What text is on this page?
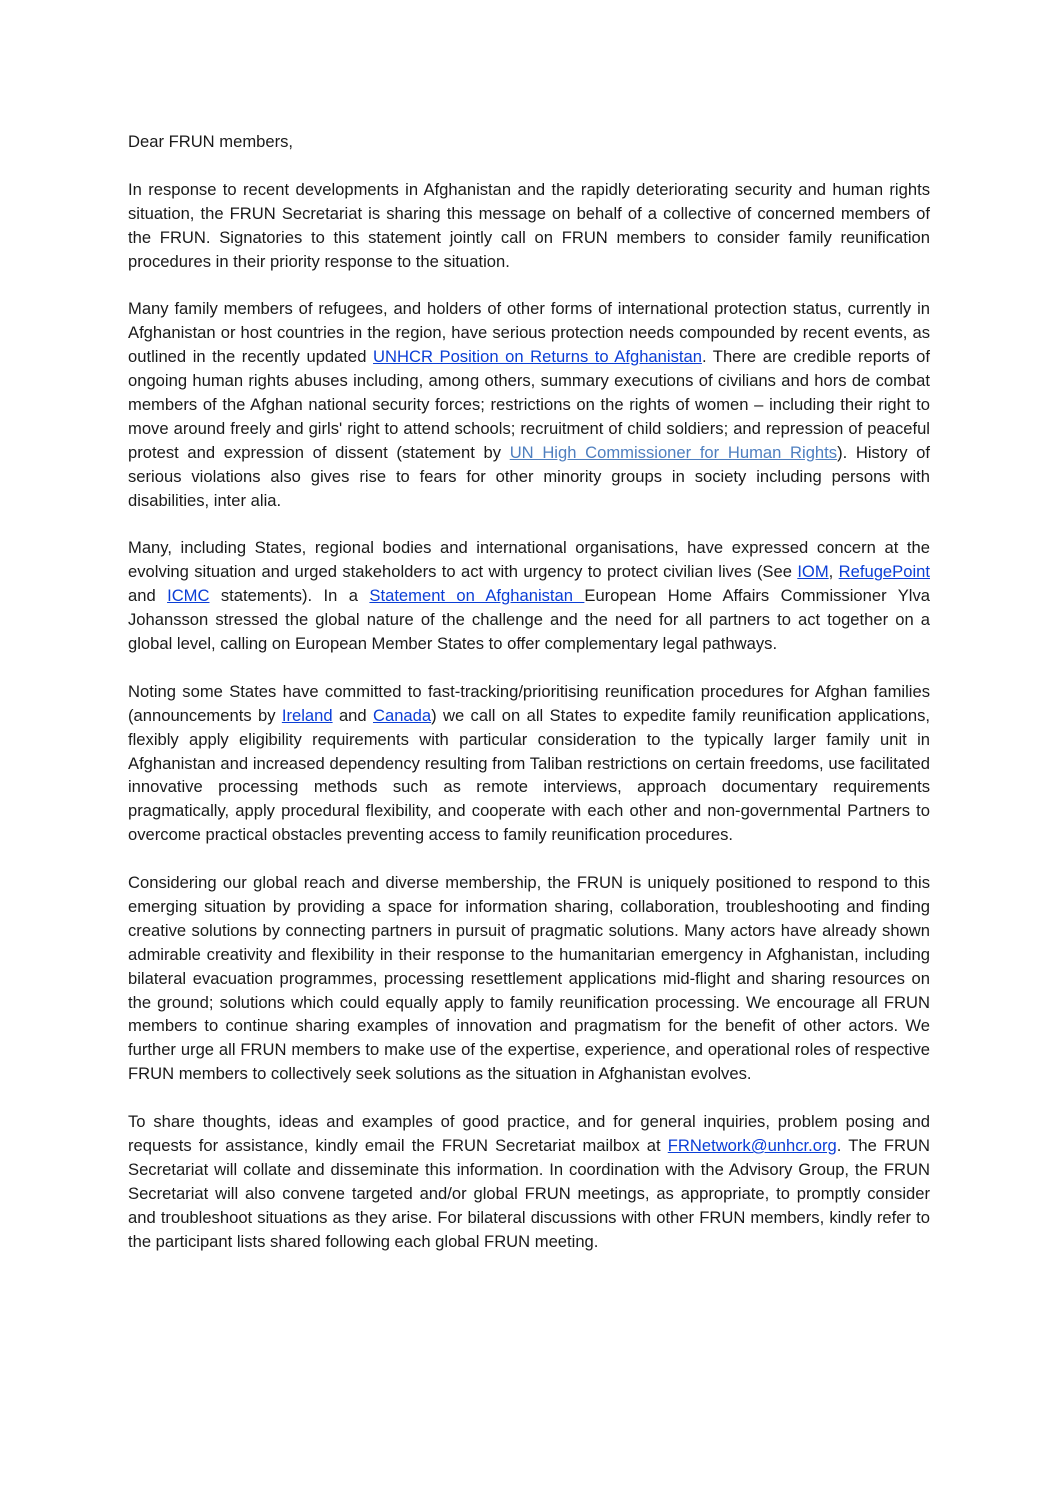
Dear FRUN members,

In response to recent developments in Afghanistan and the rapidly deteriorating security and human rights situation, the FRUN Secretariat is sharing this message on behalf of a collective of concerned members of the FRUN. Signatories to this statement jointly call on FRUN members to consider family reunification procedures in their priority response to the situation.

Many family members of refugees, and holders of other forms of international protection status, currently in Afghanistan or host countries in the region, have serious protection needs compounded by recent events, as outlined in the recently updated UNHCR Position on Returns to Afghanistan. There are credible reports of ongoing human rights abuses including, among others, summary executions of civilians and hors de combat members of the Afghan national security forces; restrictions on the rights of women – including their right to move around freely and girls' right to attend schools; recruitment of child soldiers; and repression of peaceful protest and expression of dissent (statement by UN High Commissioner for Human Rights). History of serious violations also gives rise to fears for other minority groups in society including persons with disabilities, inter alia.

Many, including States, regional bodies and international organisations, have expressed concern at the evolving situation and urged stakeholders to act with urgency to protect civilian lives (See IOM, RefugePoint and ICMC statements). In a Statement on Afghanistan European Home Affairs Commissioner Ylva Johansson stressed the global nature of the challenge and the need for all partners to act together on a global level, calling on European Member States to offer complementary legal pathways.

Noting some States have committed to fast-tracking/prioritising reunification procedures for Afghan families (announcements by Ireland and Canada) we call on all States to expedite family reunification applications, flexibly apply eligibility requirements with particular consideration to the typically larger family unit in Afghanistan and increased dependency resulting from Taliban restrictions on certain freedoms, use facilitated innovative processing methods such as remote interviews, approach documentary requirements pragmatically, apply procedural flexibility, and cooperate with each other and non-governmental Partners to overcome practical obstacles preventing access to family reunification procedures.

Considering our global reach and diverse membership, the FRUN is uniquely positioned to respond to this emerging situation by providing a space for information sharing, collaboration, troubleshooting and finding creative solutions by connecting partners in pursuit of pragmatic solutions. Many actors have already shown admirable creativity and flexibility in their response to the humanitarian emergency in Afghanistan, including bilateral evacuation programmes, processing resettlement applications mid-flight and sharing resources on the ground; solutions which could equally apply to family reunification processing. We encourage all FRUN members to continue sharing examples of innovation and pragmatism for the benefit of other actors. We further urge all FRUN members to make use of the expertise, experience, and operational roles of respective FRUN members to collectively seek solutions as the situation in Afghanistan evolves.

To share thoughts, ideas and examples of good practice, and for general inquiries, problem posing and requests for assistance, kindly email the FRUN Secretariat mailbox at FRNetwork@unhcr.org. The FRUN Secretariat will collate and disseminate this information. In coordination with the Advisory Group, the FRUN Secretariat will also convene targeted and/or global FRUN meetings, as appropriate, to promptly consider and troubleshoot situations as they arise. For bilateral discussions with other FRUN members, kindly refer to the participant lists shared following each global FRUN meeting.
